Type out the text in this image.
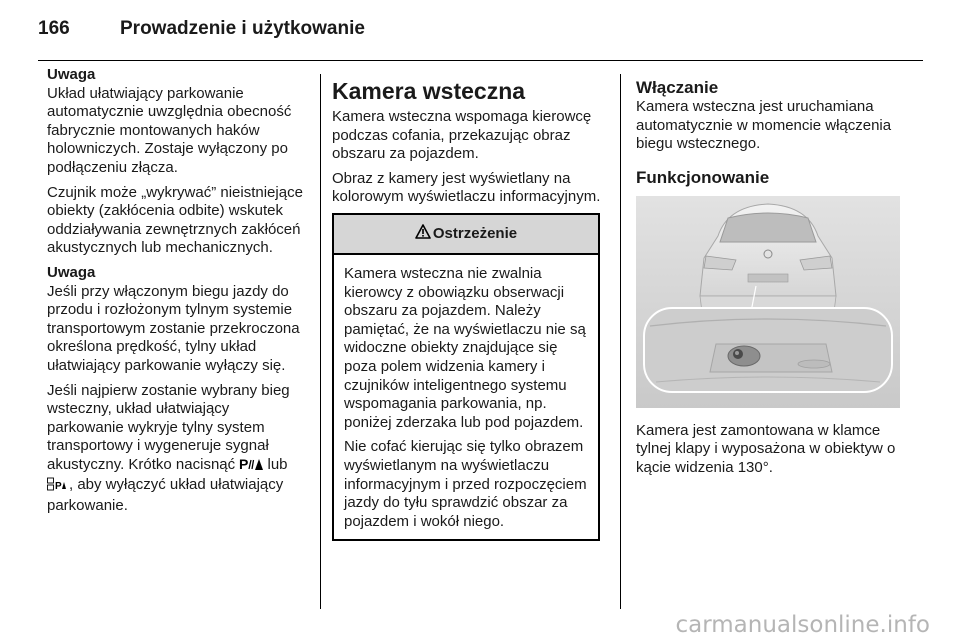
166	Prowadzenie i użytkowanie

Uwaga

Układ ułatwiający parkowanie automatycznie uwzględnia obecność fabrycznie montowanych haków holowniczych. Zostaje wyłączony po podłączeniu złącza.

Czujnik może „wykrywać” nieistniejące obiekty (zakłócenia odbite) wskutek oddziaływania zewnętrznych zakłóceń akustycznych lub mechanicznych.

Uwaga

Jeśli przy włączonym biegu jazdy do przodu i rozłożonym tylnym systemie transportowym zostanie przekroczona określona prędkość, tylny układ ułatwiający parkowanie wyłączy się.

Jeśli najpierw zostanie wybrany bieg wsteczny, układ ułatwiający parkowanie wykryje tylny system transportowy i wygeneruje sygnał akustyczny. Krótko nacisnąć P lub

P , aby wyłączyć układ ułatwiający parkowanie.

Kamera wsteczna

Kamera wsteczna wspomaga kierowcę podczas cofania, przekazując obraz obszaru za pojazdem.

Obraz z kamery jest wyświetlany na kolorowym wyświetlaczu informacyjnym.

Ostrzeżenie

Kamera wsteczna nie zwalnia kierowcy z obowiązku obserwacji obszaru za pojazdem. Należy pamiętać, że na wyświetlaczu nie są widoczne obiekty znajdujące się poza polem widzenia kamery i czujników inteligentnego systemu wspomagania parkowania, np. poniżej zderzaka lub pod pojazdem.

Nie cofać kierując się tylko obrazem wyświetlanym na wyświetlaczu informacyjnym i przed rozpoczęciem jazdy do tyłu sprawdzić obszar za pojazdem i wokół niego.

Włączanie

Kamera wsteczna jest uruchamiana automatycznie w momencie włączenia biegu wstecznego.

Funkcjonowanie

Kamera jest zamontowana w klamce tylnej klapy i wyposażona w obiektyw o kącie widzenia 130°.

carmanualsonline.info
